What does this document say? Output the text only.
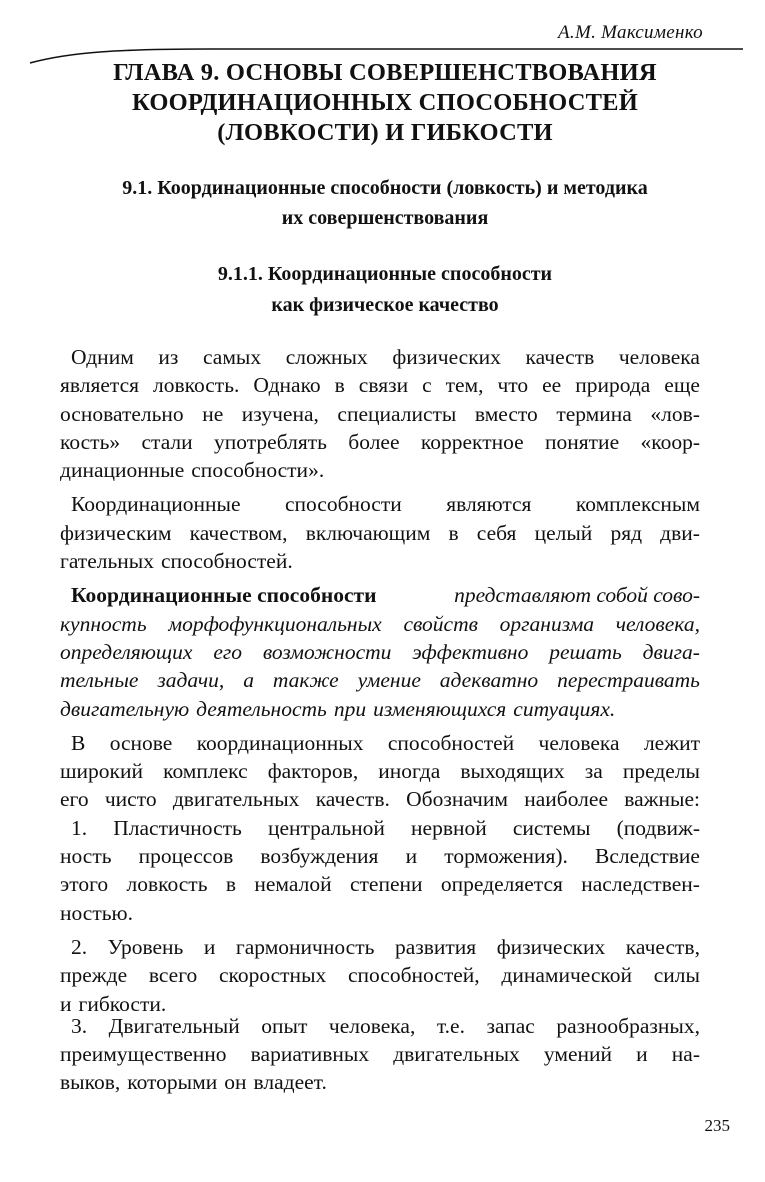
А.М. Максименко
ГЛАВА 9. ОСНОВЫ СОВЕРШЕНСТВОВАНИЯ
КООРДИНАЦИОННЫХ СПОСОБНОСТЕЙ
(ЛОВКОСТИ) И ГИБКОСТИ
9.1. Координационные способности (ловкость) и методика
их совершенствования
9.1.1. Координационные способности
как физическое качество
Одним из самых сложных физических качеств человека
является ловкость. Однако в связи с тем, что ее природа еще
основательно не изучена, специалисты вместо термина «лов-
кость» стали употреблять более корректное понятие «коор-
динационные способности».
Координационные способности являются комплексным
физическим качеством, включающим в себя целый ряд дви-
гательных способностей.
Координационные способности	представляют собой сово-
купность морфофункциональных свойств организма человека,
определяющих его возможности эффективно решать двига-
тельные задачи, а также умение адекватно перестраивать
двигательную деятельность при изменяющихся ситуациях.
В основе координационных способностей человека лежит
широкий комплекс факторов, иногда выходящих за пределы
его чисто двигательных качеств. Обозначим наиболее важные:
1. Пластичность центральной нервной системы (подвиж-
ность процессов возбуждения и торможения). Вследствие
этого ловкость в немалой степени определяется наследствен-
ностью.
2. Уровень и гармоничность развития физических качеств,
прежде всего скоростных способностей, динамической силы
и гибкости.
3. Двигательный опыт человека, т.е. запас разнообразных,
преимущественно вариативных двигательных умений и на-
выков, которыми он владеет.
235
